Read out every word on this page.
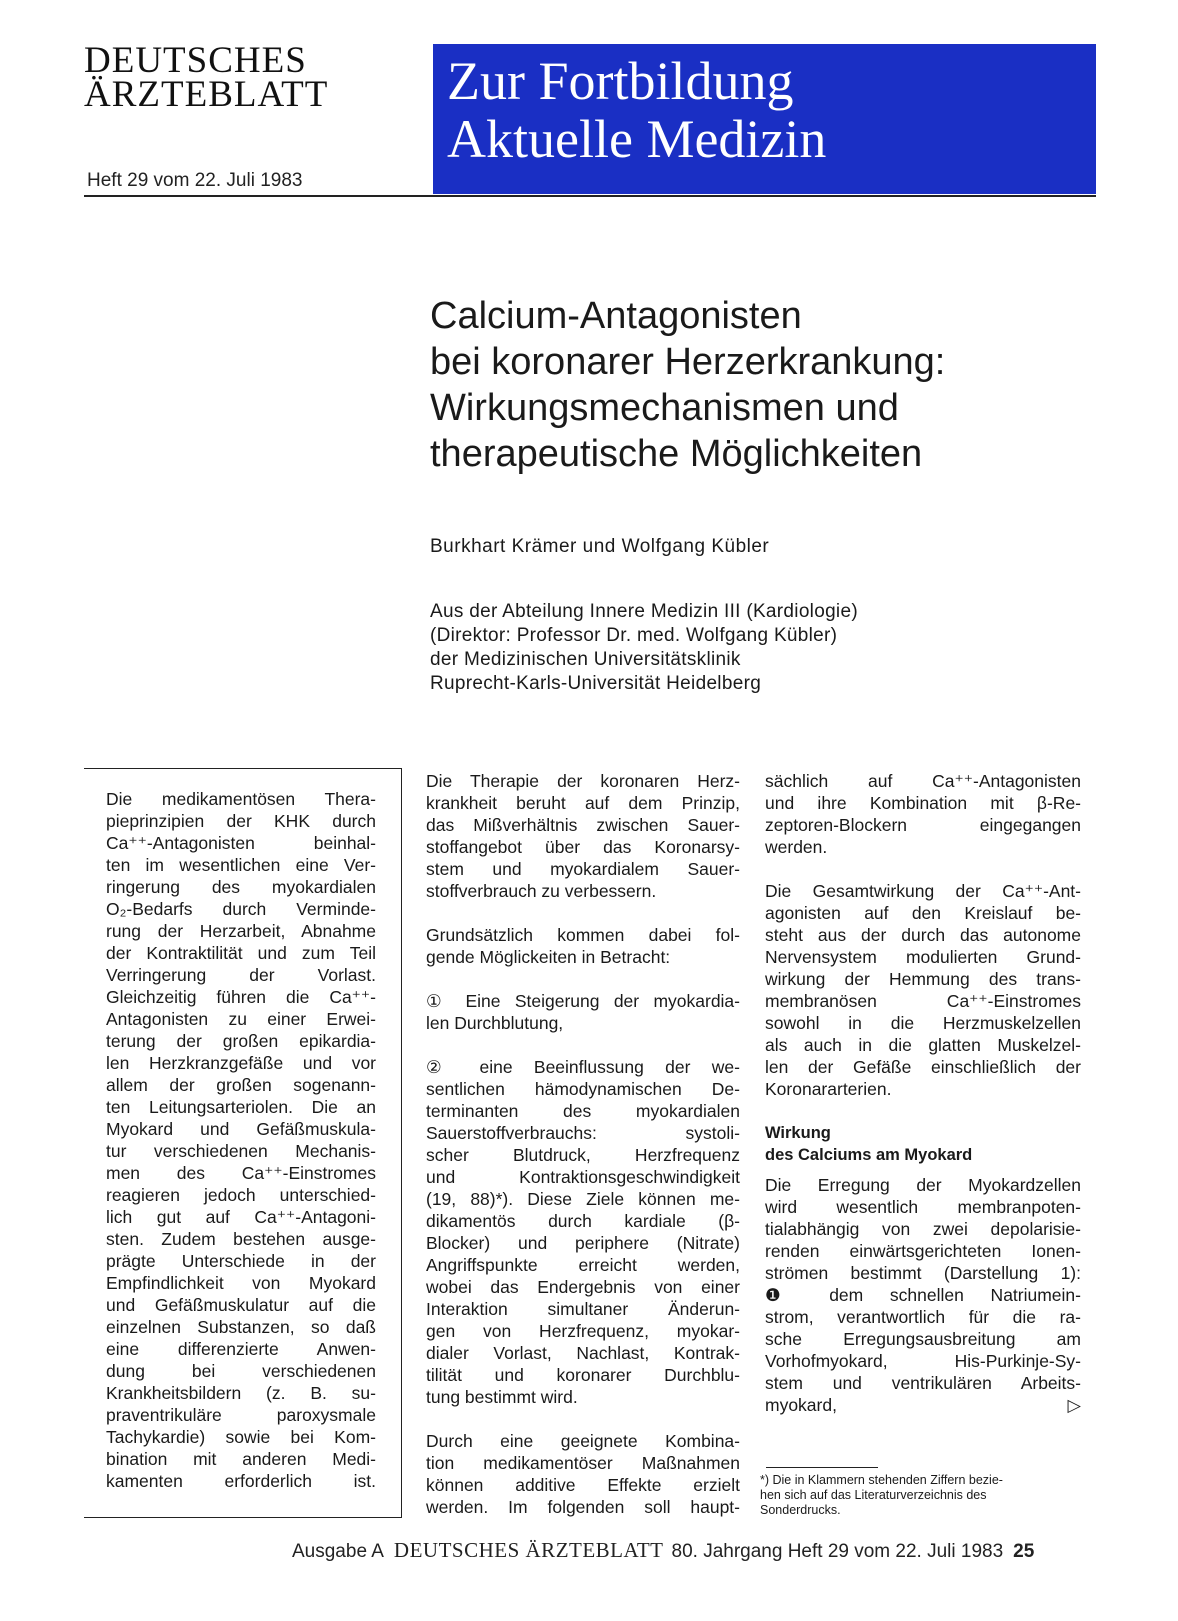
DEUTSCHES
ÄRZTEBLATT
Heft 29 vom 22. Juli 1983
Zur Fortbildung
Aktuelle Medizin
Calcium-Antagonisten
bei koronarer Herzerkrankung:
Wirkungsmechanismen und
therapeutische Möglichkeiten
Burkhart Krämer und Wolfgang Kübler
Aus der Abteilung Innere Medizin III (Kardiologie)
(Direktor: Professor Dr. med. Wolfgang Kübler)
der Medizinischen Universitätsklinik
Ruprecht-Karls-Universität Heidelberg
Die medikamentösen Thera-
pieprinzipien der KHK durch
Ca⁺⁺-Antagonisten beinhal-
ten im wesentlichen eine Ver-
ringerung des myokardialen
O₂-Bedarfs durch Verminde-
rung der Herzarbeit, Abnahme
der Kontraktilität und zum Teil
Verringerung der Vorlast.
Gleichzeitig führen die Ca⁺⁺-
Antagonisten zu einer Erwei-
terung der großen epikardia-
len Herzkranzgefäße und vor
allem der großen sogenann-
ten Leitungsarteriolen. Die an
Myokard und Gefäßmuskula-
tur verschiedenen Mechanis-
men des Ca⁺⁺-Einstromes
reagieren jedoch unterschied-
lich gut auf Ca⁺⁺-Antagoni-
sten. Zudem bestehen ausge-
prägte Unterschiede in der
Empfindlichkeit von Myokard
und Gefäßmuskulatur auf die
einzelnen Substanzen, so daß
eine differenzierte Anwen-
dung bei verschiedenen
Krankheitsbildern (z. B. su-
praventrikuläre paroxysmale
Tachykardie) sowie bei Kom-
bination mit anderen Medi-
kamenten erforderlich ist.
Die Therapie der koronaren Herz-
krankheit beruht auf dem Prinzip,
das Mißverhältnis zwischen Sauer-
stoffangebot über das Koronarsy-
stem und myokardialem Sauer-
stoffverbrauch zu verbessern.
Grundsätzlich kommen dabei fol-
gende Möglickeiten in Betracht:
① Eine Steigerung der myokardia-
len Durchblutung,
② eine Beeinflussung der we-
sentlichen hämodynamischen De-
terminanten des myokardialen
Sauerstoffverbrauchs: systoli-
scher Blutdruck, Herzfrequenz
und Kontraktionsgeschwindigkeit
(19, 88)*). Diese Ziele können me-
dikamentös durch kardiale (β-
Blocker) und periphere (Nitrate)
Angriffspunkte erreicht werden,
wobei das Endergebnis von einer
Interaktion simultaner Änderun-
gen von Herzfrequenz, myokar-
dialer Vorlast, Nachlast, Kontrak-
tilität und koronarer Durchblu-
tung bestimmt wird.
Durch eine geeignete Kombina-
tion medikamentöser Maßnahmen
können additive Effekte erzielt
werden. Im folgenden soll haupt-
sächlich auf Ca⁺⁺-Antagonisten
und ihre Kombination mit β-Re-
zeptoren-Blockern eingegangen
werden.
Die Gesamtwirkung der Ca⁺⁺-Ant-
agonisten auf den Kreislauf be-
steht aus der durch das autonome
Nervensystem modulierten Grund-
wirkung der Hemmung des trans-
membranösen Ca⁺⁺-Einstromes
sowohl in die Herzmuskelzellen
als auch in die glatten Muskelzel-
len der Gefäße einschließlich der
Koronararterien.
Wirkung
des Calciums am Myokard
Die Erregung der Myokardzellen
wird wesentlich membranpoten-
tialabhängig von zwei depolarisie-
renden einwärtsgerichteten Ionen-
strömen bestimmt (Darstellung 1):
❶ dem schnellen Natriumein-
strom, verantwortlich für die ra-
sche Erregungsausbreitung am
Vorhofmyokard, His-Purkinje-Sy-
stem und ventrikulären Arbeits-
myokard,	▷
*) Die in Klammern stehenden Ziffern bezie-
hen sich auf das Literaturverzeichnis des
Sonderdrucks.
Ausgabe A DEUTSCHES ÄRZTEBLATT 80. Jahrgang Heft 29 vom 22. Juli 1983 25
